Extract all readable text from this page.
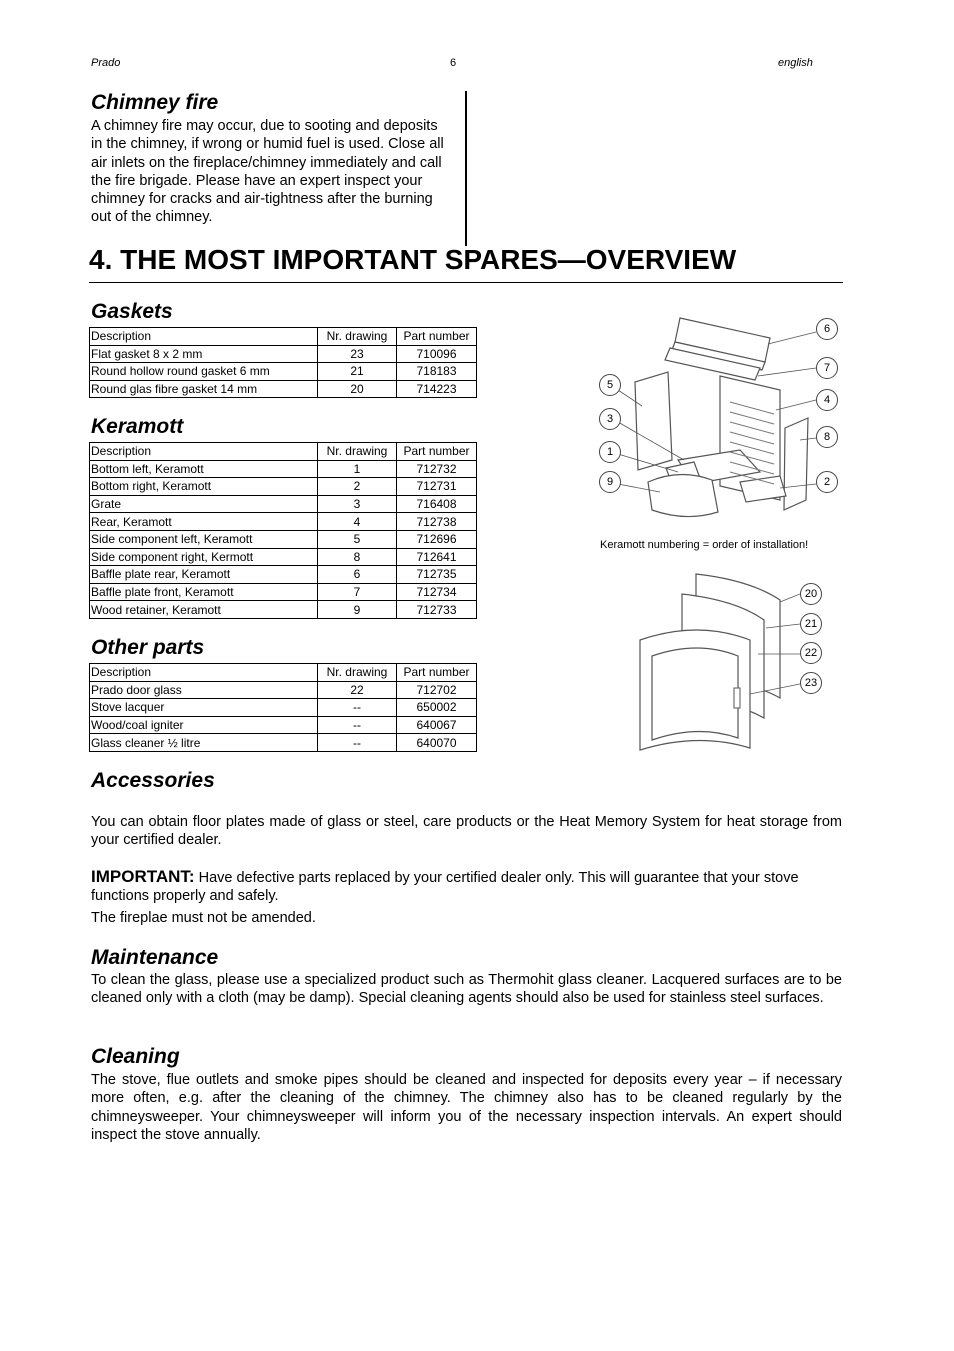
Prado	6	english
Chimney fire
A chimney fire may occur, due to sooting and deposits in the chimney, if wrong or humid fuel is used. Close all air inlets on the fireplace/chimney immediately and call the fire brigade. Please have an expert inspect your chimney for cracks and air-tightness after the burning out of the chimney.
4. THE MOST IMPORTANT SPARES—OVERVIEW
Gaskets
Description	Nr. drawing	Part number
Flat gasket 8 x 2 mm	23	710096
Round hollow round gasket 6 mm	21	718183
Round glas fibre gasket 14 mm	20	714223
Keramott
Description	Nr. drawing	Part number
Bottom left, Keramott	1	712732
Bottom right, Keramott	2	712731
Grate	3	716408
Rear, Keramott	4	712738
Side component left, Keramott	5	712696
Side component right, Kermott	8	712641
Baffle plate rear, Keramott	6	712735
Baffle plate front, Keramott	7	712734
Wood retainer, Keramott	9	712733
Other parts
Description	Nr. drawing	Part number
Prado door glass	22	712702
Stove lacquer	--	650002
Wood/coal igniter	--	640067
Glass cleaner ½ litre	--	640070
6
7
5
4
3
8
1
9	2
Keramott numbering = order of installation!
20
21
22
23
Accessories
You can obtain floor plates made of glass or steel, care products or the Heat Memory System for heat storage from your certified dealer.
IMPORTANT: Have defective parts replaced by your certified dealer only. This will guarantee that your stove functions properly and safely.
The fireplae must not be amended.
Maintenance
To clean the glass, please use a specialized product such as Thermohit glass cleaner. Lacquered surfaces are to be cleaned only with a cloth (may be damp). Special cleaning agents should also be used for stainless steel surfaces.
Cleaning
The stove, flue outlets and smoke pipes should be cleaned and inspected for deposits every year – if necessary more often, e.g. after the cleaning of the chimney. The chimney also has to be cleaned regularly by the chimneysweeper. Your chimneysweeper will inform you of the necessary inspection intervals. An expert should inspect the stove annually.
